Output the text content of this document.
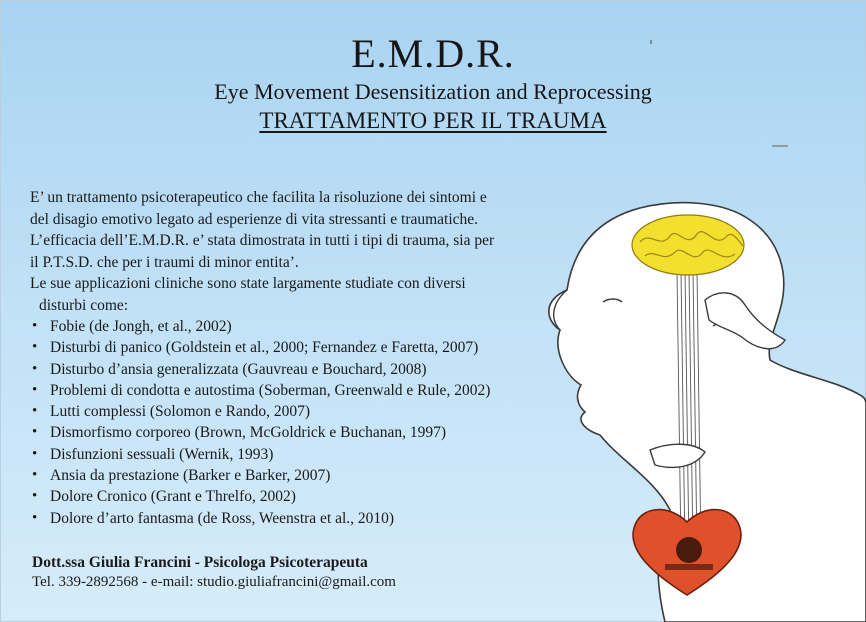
E.M.D.R.
Eye Movement Desensitization and Reprocessing
TRATTAMENTO PER IL TRAUMA

E’ un trattamento psicoterapeutico che facilita la risoluzione dei sintomi e

del disagio emotivo legato ad esperienze di vita stressanti e traumatiche.

L’efficacia dell’E.M.D.R. e’ stata dimostrata in tutti i tipi di trauma, sia per

il P.T.S.D. che per i traumi di minor entita’.

Le sue applicazioni cliniche sono state largamente studiate con diversi

disturbi come:

• Fobie (de Jongh, et al., 2002)
• Disturbi di panico (Goldstein et al., 2000; Fernandez e Faretta, 2007)
• Disturbo d’ansia generalizzata (Gauvreau e Bouchard, 2008)
• Problemi di condotta e autostima (Soberman, Greenwald e Rule, 2002)
• Lutti complessi (Solomon e Rando, 2007)
• Dismorfismo corporeo (Brown, McGoldrick e Buchanan, 1997)
• Disfunzioni sessuali (Wernik, 1993)
• Ansia da prestazione (Barker e Barker, 2007)
• Dolore Cronico (Grant e Threlfo, 2002)
• Dolore d’arto fantasma (de Ross, Weenstra et al., 2010)
Dott.ssa Giulia Francini - Psicologa Psicoterapeuta
Tel. 339-2892568 - e-mail: studio.giuliafrancini@gmail.com
